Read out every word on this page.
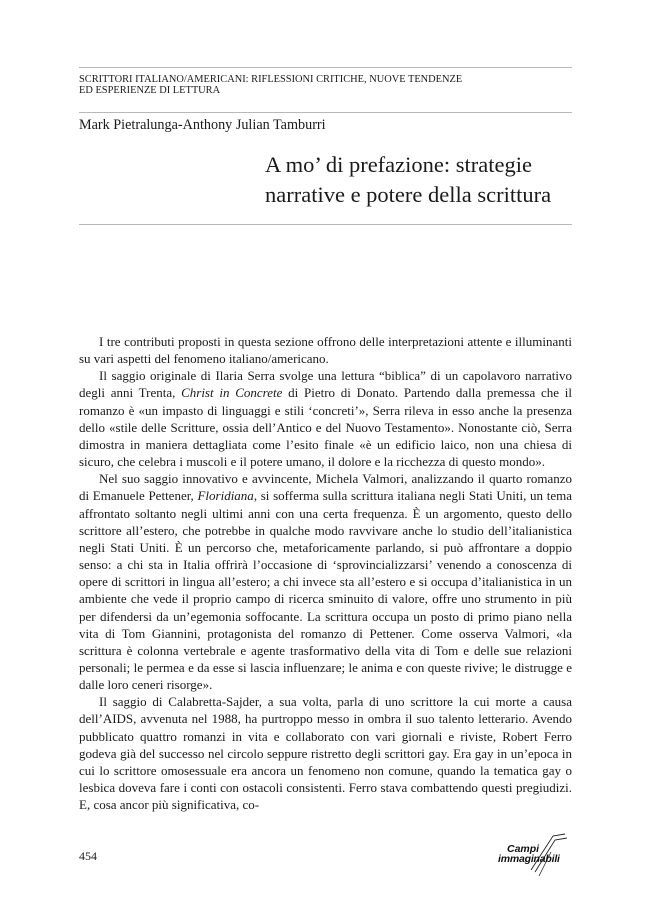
SCRITTORI ITALIANO/AMERICANI: RIFLESSIONI CRITICHE, NUOVE TENDENZE
ED ESPERIENZE DI LETTURA
Mark Pietralunga-Anthony Julian Tamburri
A mo’ di prefazione: strategie
narrative e potere della scrittura

I tre contributi proposti in questa sezione offrono delle interpretazioni attente e illuminanti su vari aspetti del fenomeno italiano/americano.

Il saggio originale di Ilaria Serra svolge una lettura “biblica” di un capolavoro narrativo degli anni Trenta, Christ in Concrete di Pietro di Donato. Partendo dalla premessa che il romanzo è «un impasto di linguaggi e stili ‘concreti’», Serra rileva in esso anche la presenza dello «stile delle Scritture, ossia dell’Antico e del Nuovo Testamento». Nonostante ciò, Serra dimostra in maniera dettagliata come l’esito finale «è un edificio laico, non una chiesa di sicuro, che celebra i muscoli e il potere umano, il dolore e la ricchezza di questo mondo».

Nel suo saggio innovativo e avvincente, Michela Valmori, analizzando il quarto romanzo di Emanuele Pettener, Floridiana, si sofferma sulla scrittura italiana negli Stati Uniti, un tema affrontato soltanto negli ultimi anni con una certa frequenza. È un argomento, questo dello scrittore all’estero, che potrebbe in qualche modo ravvivare anche lo studio dell’italianistica negli Stati Uniti. È un percorso che, metaforicamente parlando, si può affrontare a doppio senso: a chi sta in Italia offrirà l’occasione di ‘sprovincializzarsi’ venendo a conoscenza di opere di scrittori in lingua all’estero; a chi invece sta all’estero e si occupa d’italianistica in un ambiente che vede il proprio campo di ricerca sminuito di valore, offre uno strumento in più per difendersi da un’egemonia soffocante. La scrittura occupa un posto di primo piano nella vita di Tom Giannini, protagonista del romanzo di Pettener. Come osserva Valmori, «la scrittura è colonna vertebrale e agente trasformativo della vita di Tom e delle sue relazioni personali; le permea e da esse si lascia influenzare; le anima e con queste rivive; le distrugge e dalle loro ceneri risorge».

Il saggio di Calabretta-Sajder, a sua volta, parla di uno scrittore la cui morte a causa dell’AIDS, avvenuta nel 1988, ha purtroppo messo in ombra il suo talento letterario. Avendo pubblicato quattro romanzi in vita e collaborato con vari giornali e riviste, Robert Ferro godeva già del successo nel circolo seppure ristretto degli scrittori gay. Era gay in un’epoca in cui lo scrittore omosessuale era ancora un fenomeno non comune, quando la tematica gay o lesbica doveva fare i conti con ostacoli consistenti. Ferro stava combattendo questi pregiudizi. E, cosa ancor più significativa, co-

454	Campi
immaginabili
